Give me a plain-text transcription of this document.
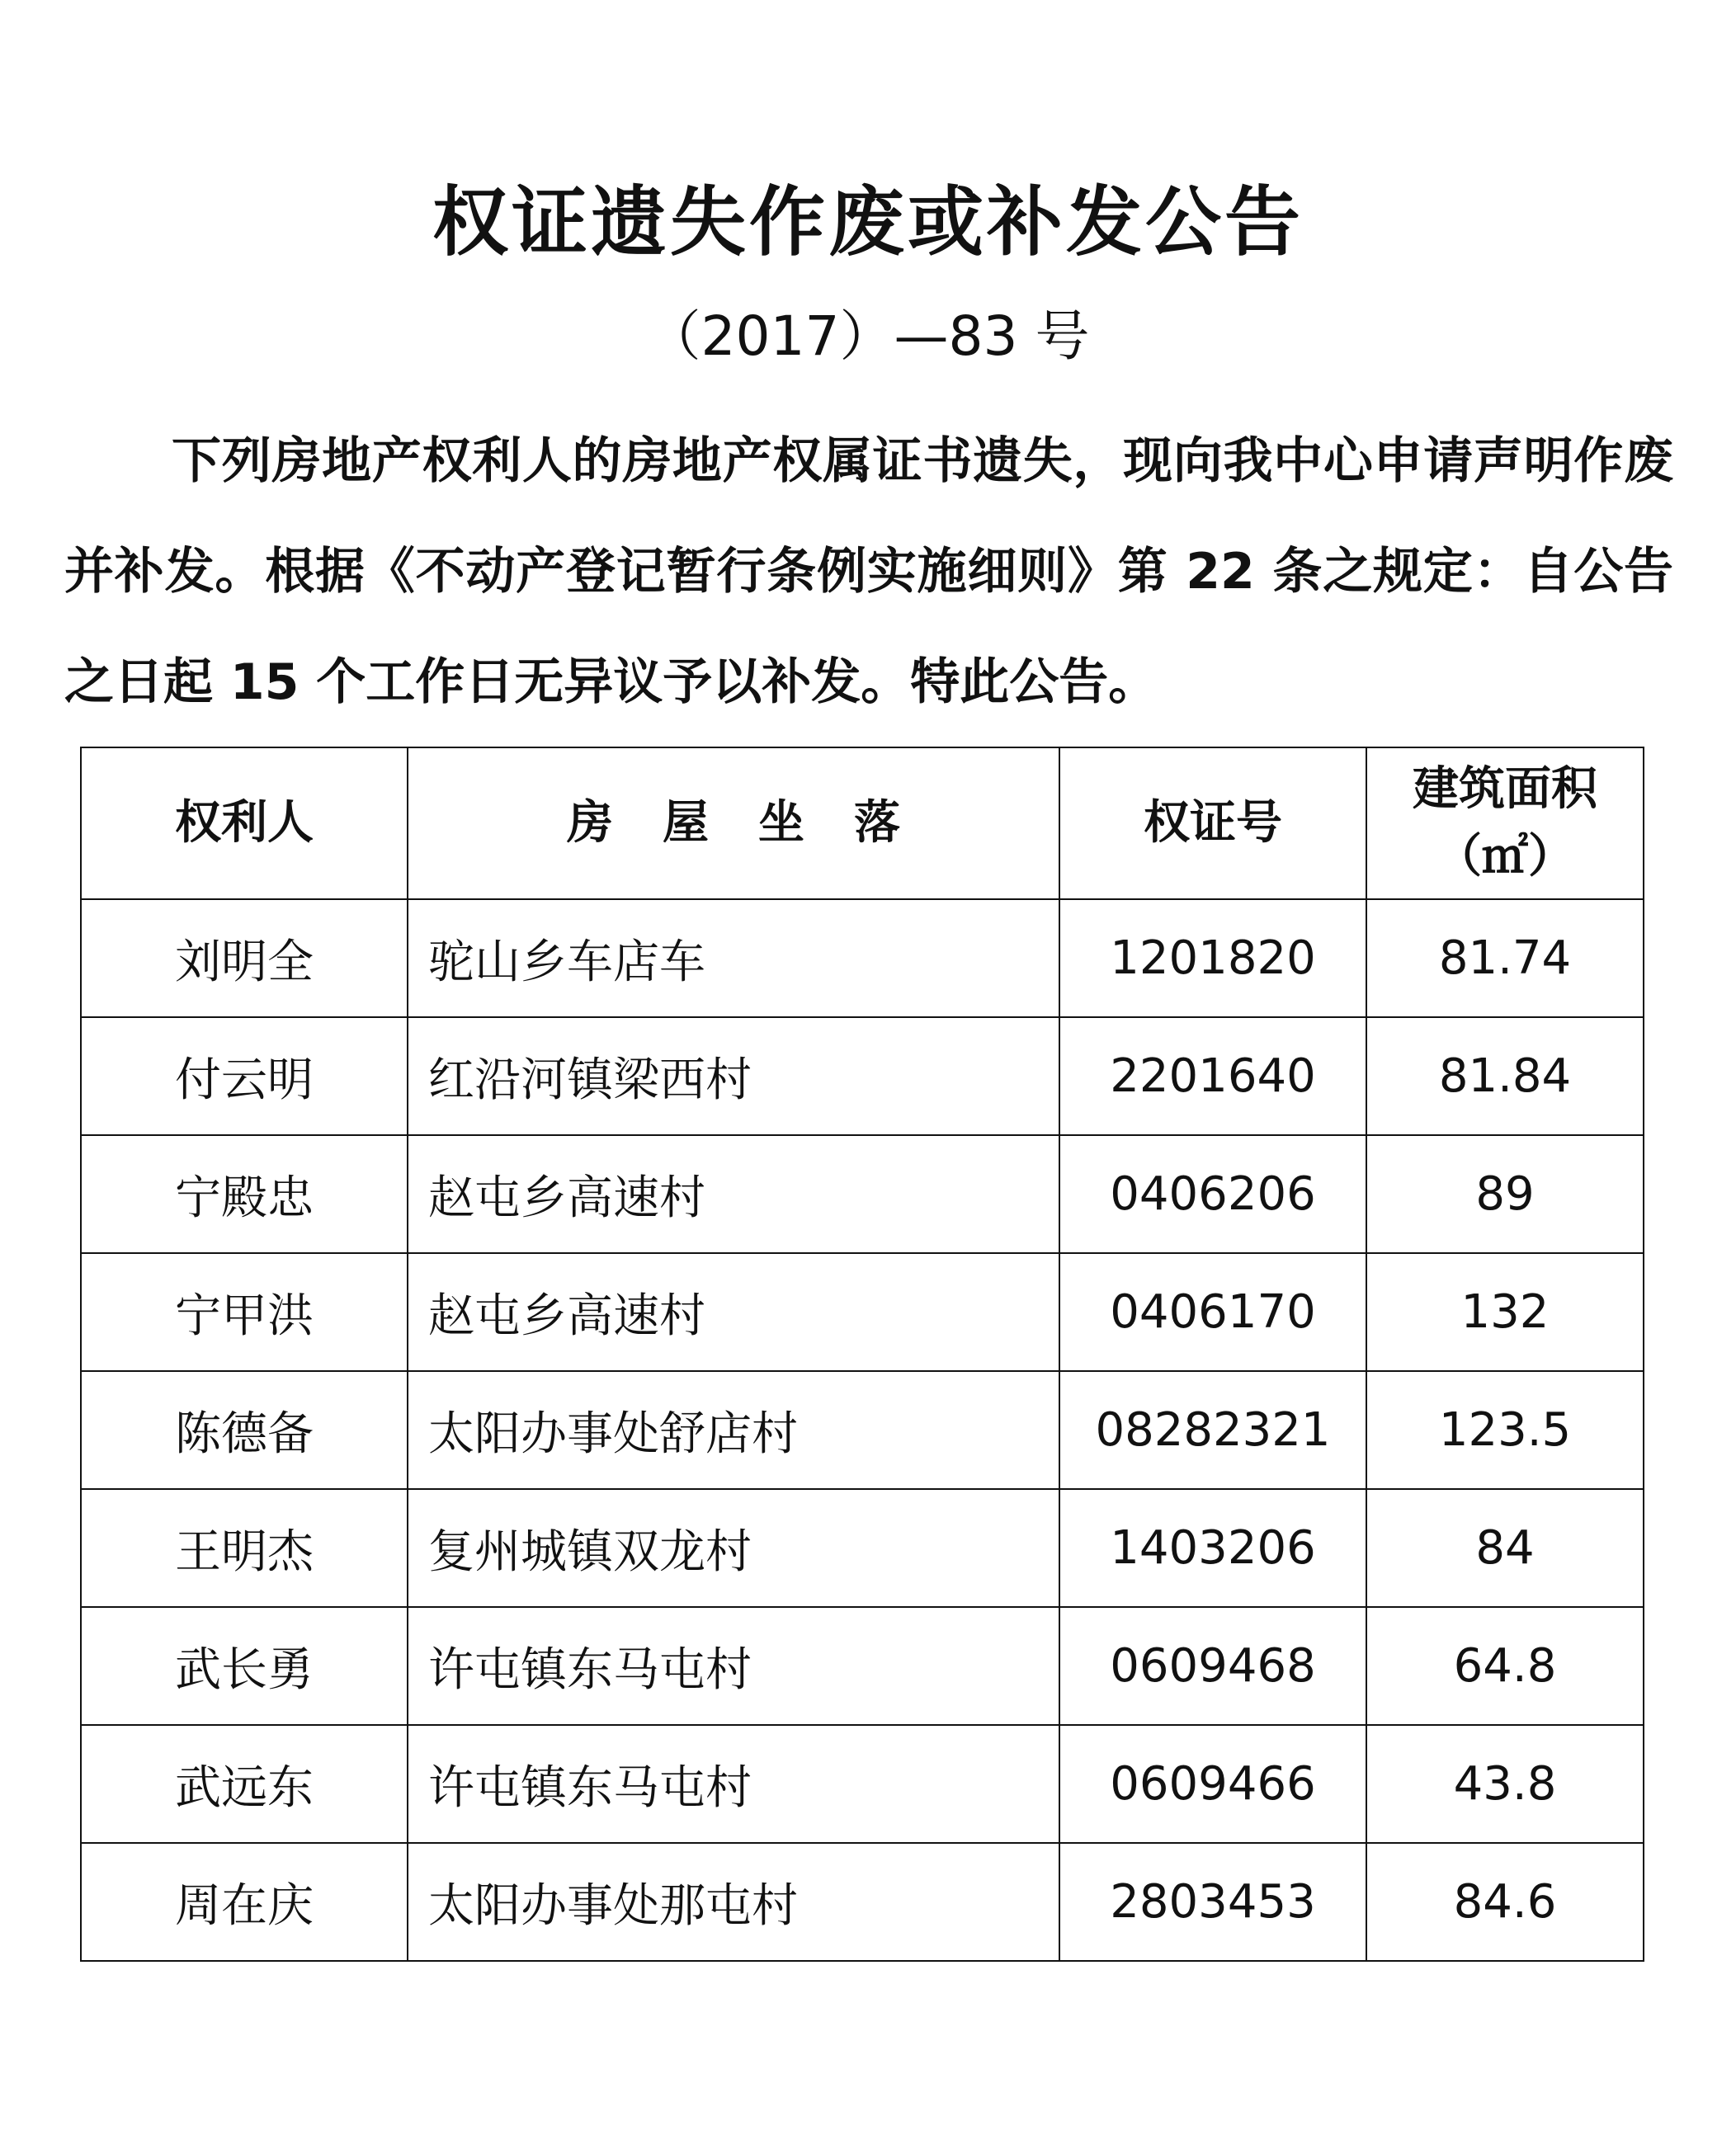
权证遗失作废或补发公告
（2017）—83 号

下列房地产权利人的房地产权属证书遗失，现向我中心申请声明作废并补发。根据《不动产登记暂行条例实施细则》第 22 条之规定：自公告之日起 15 个工作日无异议予以补发。特此公告。

权利人	房屋坐落	权证号	建筑面积
（㎡）

刘明全	驼山乡车店车	1201820	81.74
付云明	红沿河镇梁西村	2201640	81.84
宁殿忠	赵屯乡高速村	0406206	89
宁甲洪	赵屯乡高速村	0406170	132
陈德备	太阳办事处舒店村	08282321	123.5
王明杰	复州城镇双龙村	1403206	84
武长勇	许屯镇东马屯村	0609468	64.8
武远东	许屯镇东马屯村	0609466	43.8
周在庆	太阳办事处那屯村	2803453	84.6
